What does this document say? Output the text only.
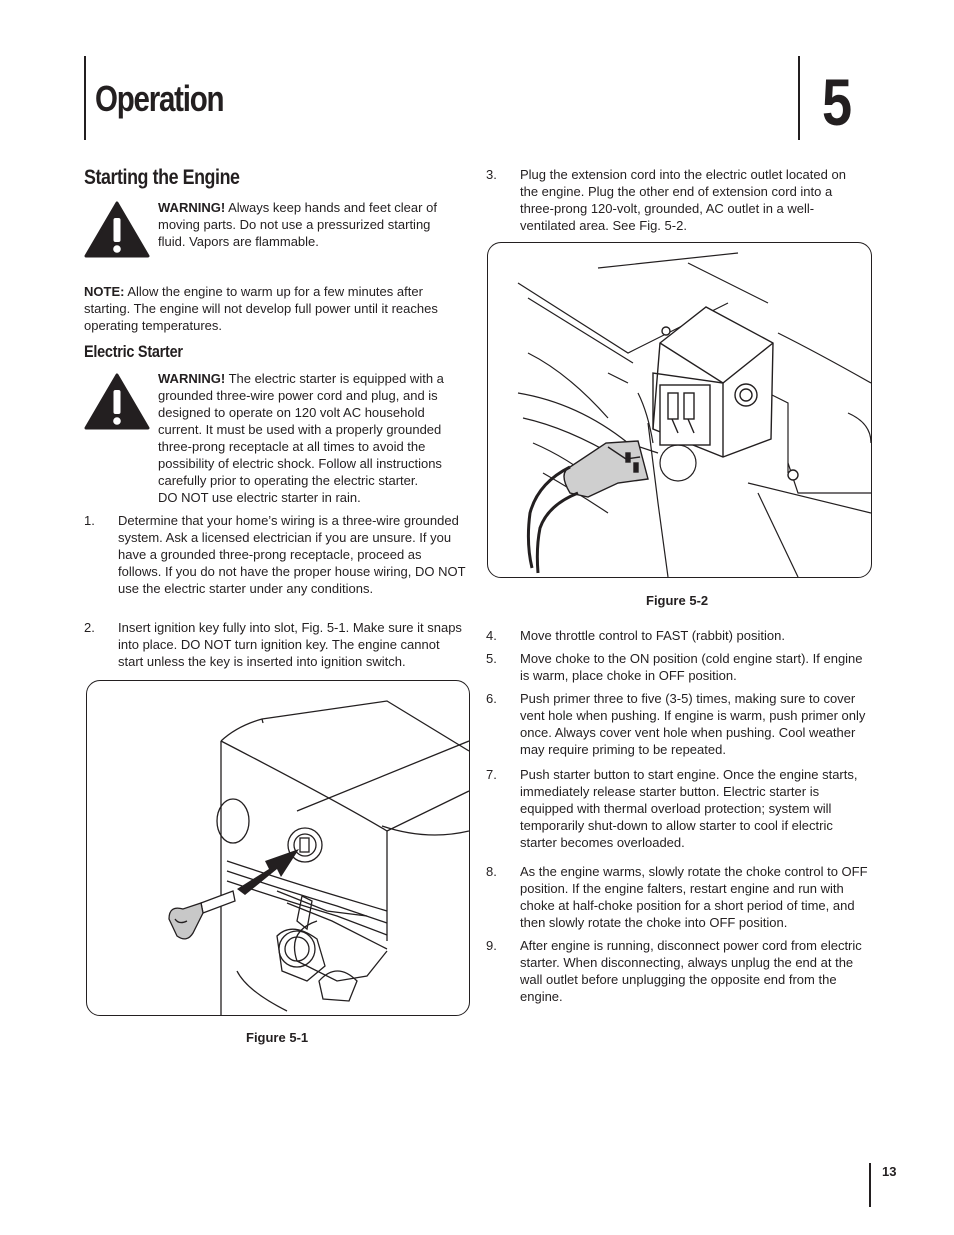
Operation	5
Starting the Engine
WARNING! Always keep hands and feet clear of moving parts. Do not use a pressurized starting fluid. Vapors are flammable.
NOTE: Allow the engine to warm up for a few minutes after starting. The engine will not develop full power until it reaches operating temperatures.
Electric Starter
WARNING! The electric starter is equipped with a grounded three-wire power cord and plug, and is designed to operate on 120 volt AC household current. It must be used with a properly grounded three-prong receptacle at all times to avoid the possibility of electric shock. Follow all instructions carefully prior to operating the electric starter.
DO NOT use electric starter in rain.
1. Determine that your home’s wiring is a three-wire grounded system. Ask a licensed electrician if you are unsure. If you have a grounded three-prong receptacle, proceed as follows. If you do not have the proper house wiring, DO NOT use the electric starter under any conditions.
2. Insert ignition key fully into slot, Fig. 5-1. Make sure it snaps into place. DO NOT turn ignition key. The engine cannot start unless the key is inserted into ignition switch.
Figure 5-1
3. Plug the extension cord into the electric outlet located on the engine. Plug the other end of extension cord into a three-prong 120-volt, grounded, AC outlet in a well-ventilated area. See Fig. 5-2.
Figure 5-2
4. Move throttle control to FAST (rabbit) position.
5. Move choke to the ON position (cold engine start). If engine is warm, place choke in OFF position.
6. Push primer three to five (3-5) times, making sure to cover vent hole when pushing. If engine is warm, push primer only once. Always cover vent hole when pushing. Cool weather may require priming to be repeated.
7. Push starter button to start engine. Once the engine starts, immediately release starter button. Electric starter is equipped with thermal overload protection; system will temporarily shut-down to allow starter to cool if electric starter becomes overloaded.
8. As the engine warms, slowly rotate the choke control to OFF position. If the engine falters, restart engine and run with choke at half-choke position for a short period of time, and then slowly rotate the choke into OFF position.
9. After engine is running, disconnect power cord from electric starter. When disconnecting, always unplug the end at the wall outlet before unplugging the opposite end from the engine.
13
